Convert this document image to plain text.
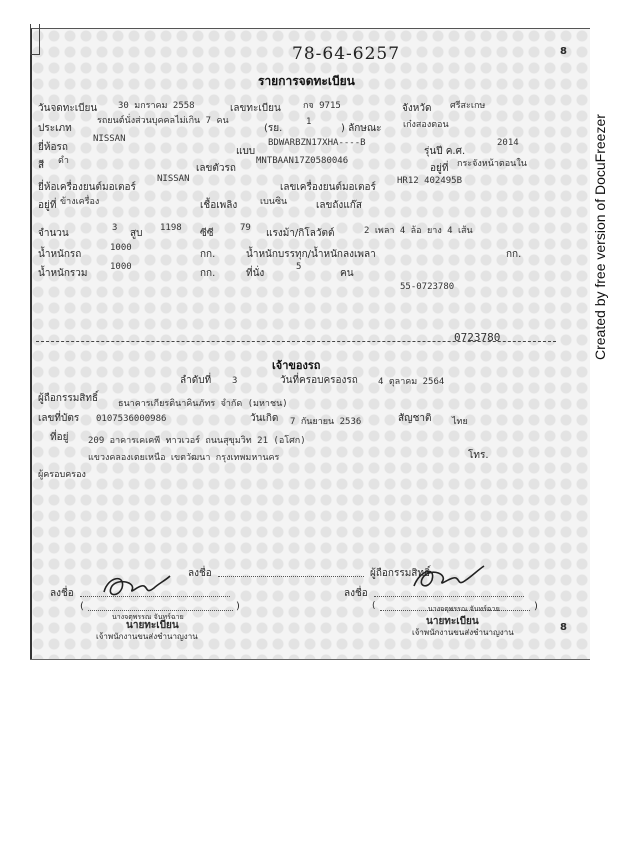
78-64-6257	8
รายการจดทะเบียน
วันจดทะเบียน 30 มกราคม 2558	เลขทะเบียน กจ 9715	จังหวัด ศรีสะเกษ
ประเภท
รถยนต์นั่งส่วนบุคคลไม่เกิน 7 คน
(รย.
1
) ลักษณะ เก๋งสองตอน
ยี่ห้อรถ
NISSAN
แบบ
BDWARBZN17XHA----B
รุ่นปี ค.ศ.
2014
สี ดำ
เลขตัวรถ
MNTBAAN17Z0580046
อยู่ที่ กระจังหน้าตอนใน
ยี่ห้อเครื่องยนต์มอเตอร์
NISSAN
เลขเครื่องยนต์มอเตอร์
HR12 402495B
อยู่ที่ ข้างเครื่อง	เชื้อเพลิง	เบนซิน	เลขถังแก๊ส
จำนวน	3 สูบ 1198 ซีซี	79 แรงม้า/กิโลวัตต์	2 เพลา 4 ล้อ ยาง 4 เส้น
น้ำหนักรถ
1000
กก.	น้ำหนักบรรทุก/น้ำหนักลงเพลา	กก.
น้ำหนักรวม
1000
กก.	ที่นั่ง
5
คน
55-0723780
0723780
เจ้าของรถ
ลำดับที่ 3	วันที่ครอบครองรถ 4 ตุลาคม 2564
ผู้ถือกรรมสิทธิ์ ธนาคารเกียรตินาคินภัทร จำกัด (มหาชน)
เลขที่บัตร 0107536000986	วันเกิด 7 กันยายน 2536	สัญชาติ ไทย
ที่อยู่ 209 อาคารเคเคพี ทาวเวอร์ ถนนสุขุมวิท 21 (อโศก)
แขวงคลองเตยเหนือ เขตวัฒนา กรุงเทพมหานคร	โทร.
ลงชื่อ	ผู้ถือกรรมสิทธิ์
ลงชื่อ	ลงชื่อ
(	)	(	)
นางจตุพรรณ จันทร์ฉาย
นางจตุพรรณ จันทร์ฉาย
นายทะเบียน	นายทะเบียน
เจ้าพนักงานขนส่งชำนาญงาน	เจ้าพนักงานขนส่งชำนาญงาน	8
Created by free version of DocuFreezer
